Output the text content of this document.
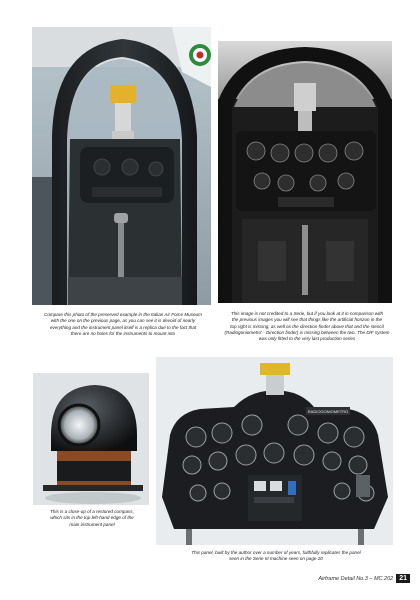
Compare this photo of the preserved example in the Italian Air Force Museum
with the one on the previous page, as you can see it is devoid of nearly
everything and the instrument panel itself is a replica due to the fact that
there are no holes for the instruments to mount into
This image is not credited to a Serie, but if you look at it in comparison with
the previous images you will see that things like the artificial horizon in the
top right is missing, as well as the direction finder above that and the stencil
(Radiogoniometro' - Direction finder) is missing between the two. The D/F system
was only fitted to the very last production series
This is a close-up of a restored compass,
which sits in the top left-hand edge of the
main instrument panel
RADIOGONIOMETRO
This panel, built by the author over a number of years, faithfully replicates the panel
seen in the Serie III machine seen on page 20
Airframe Detail No.3 – MC.202 21
